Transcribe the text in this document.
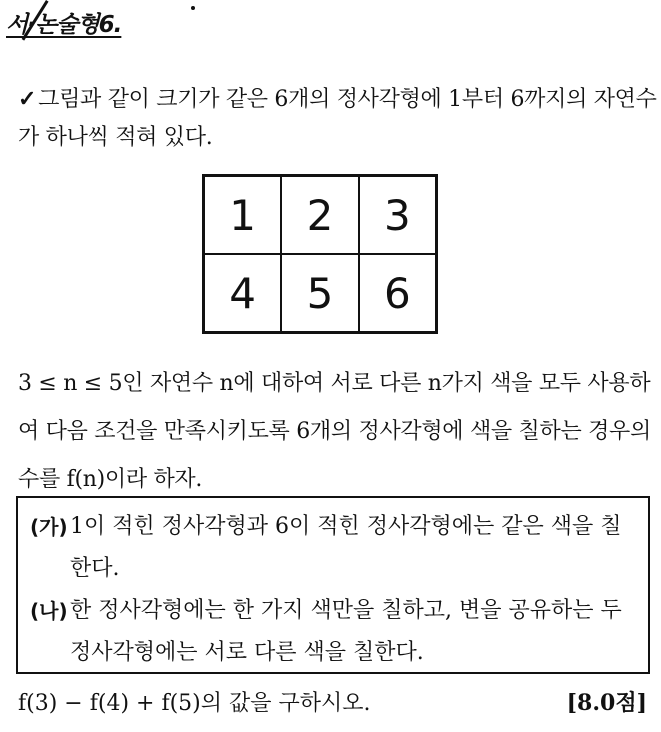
서·논술형6.
✓그림과 같이 크기가 같은 6개의 정사각형에 1부터 6까지의 자연수가 하나씩 적혀 있다.
1	2	3
4	5	6
3 ≤ n ≤ 5인 자연수 n에 대하여 서로 다른 n가지 색을 모두 사용하여 다음 조건을 만족시키도록 6개의 정사각형에 색을 칠하는 경우의 수를 f(n)이라 하자.
(가) 1이 적힌 정사각형과 6이 적힌 정사각형에는 같은 색을 칠한다.
(나) 한 정사각형에는 한 가지 색만을 칠하고, 변을 공유하는 두 정사각형에는 서로 다른 색을 칠한다.
f(3) − f(4) + f(5)의 값을 구하시오.	[8.0점]
